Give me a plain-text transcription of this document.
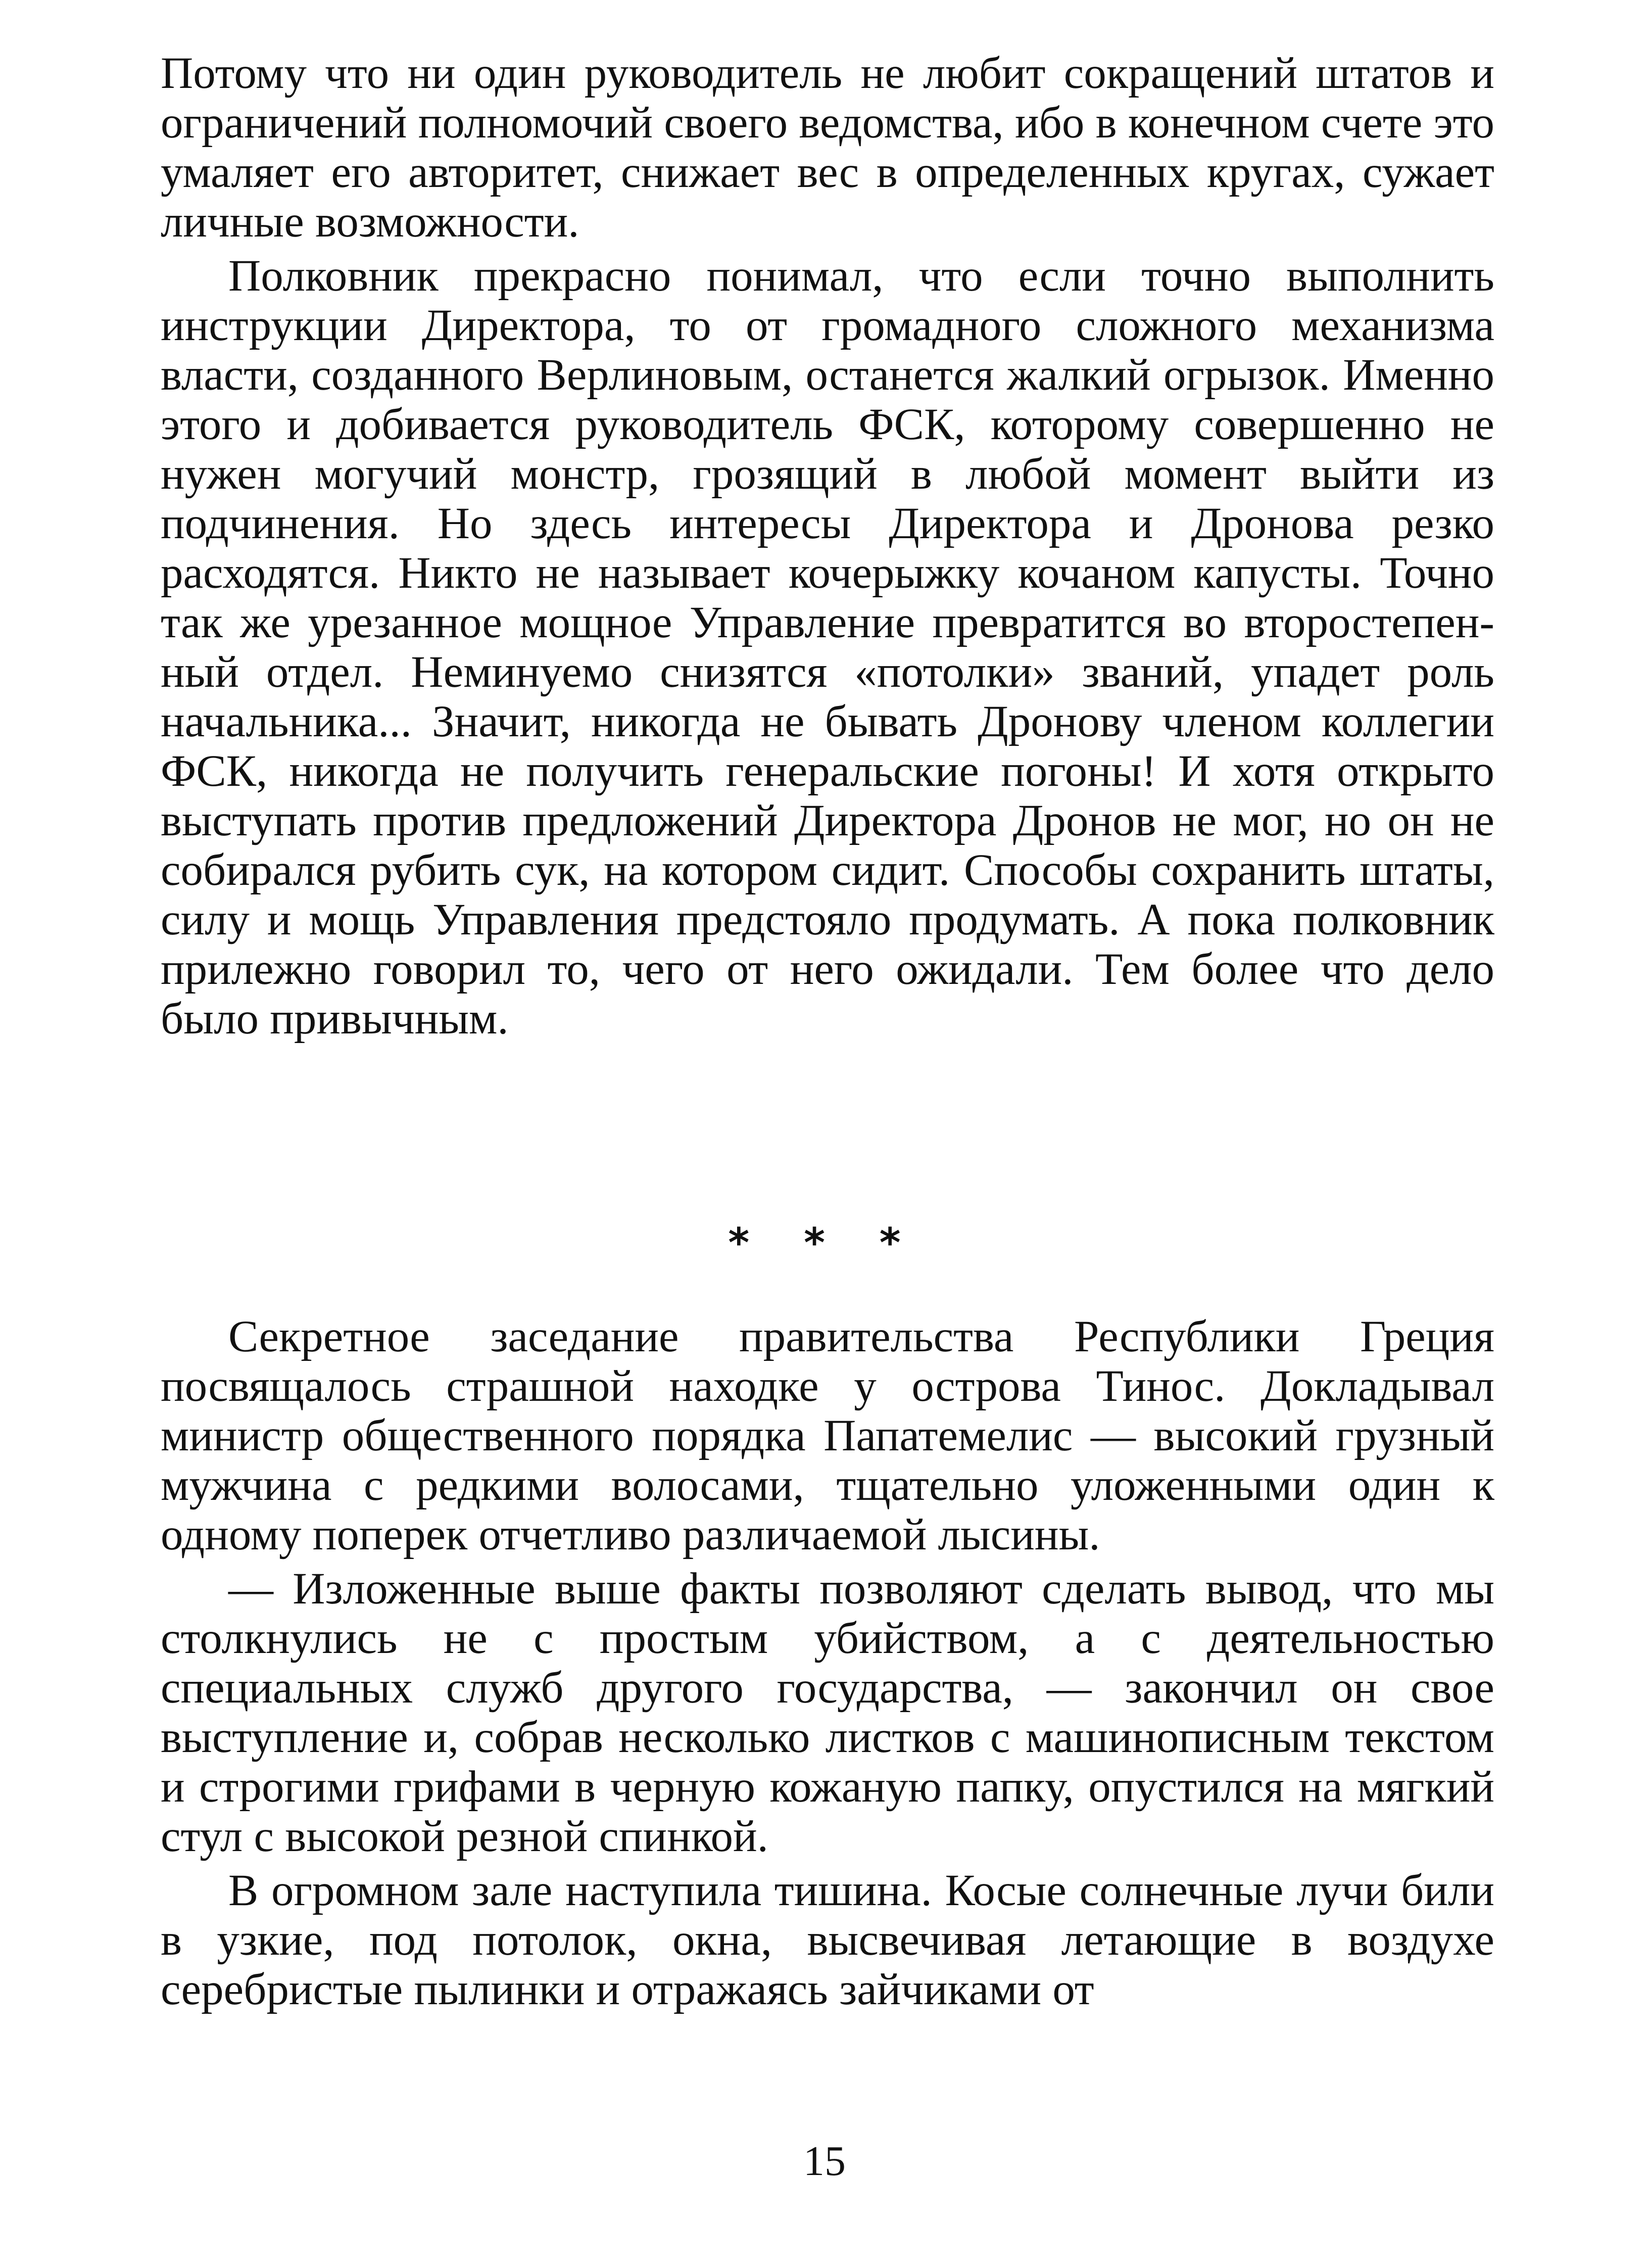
Потому что ни один руководитель не любит сокращений штатов и ограничений полномочий своего ведомства, ибо в конечном счете это умаляет его авторитет, снижает вес в определенных кругах, сужает личные возможности.

Полковник прекрасно понимал, что если точно выполнить инструкции Директора, то от громадного сложного механизма власти, созданного Верлиновым, останется жалкий огрызок. Именно этого и добивается руководитель ФСК, которому совершенно не нужен могучий монстр, грозящий в любой момент выйти из подчинения. Но здесь интересы Директора и Дронова резко расходятся. Никто не называет кочерыжку кочаном капусты. Точно так же урезанное мощное Управление превратится во второстепенный отдел. Неминуемо снизятся «потолки» званий, упадет роль начальника... Значит, никогда не бывать Дронову членом коллегии ФСК, никогда не получить генеральские погоны! И хотя открыто выступать против предложений Директора Дронов не мог, но он не собирался рубить сук, на котором сидит. Способы сохранить штаты, силу и мощь Управления предстояло продумать. А пока полковник прилежно говорил то, чего от него ожидали. Тем более что дело было привычным.

* * *

Секретное заседание правительства Республики Греция посвящалось страшной находке у острова Тинос. Докладывал министр общественного порядка Папатемелис — высокий грузный мужчина с редкими волосами, тщательно уложенными один к одному поперек отчетливо различаемой лысины.

— Изложенные выше факты позволяют сделать вывод, что мы столкнулись не с простым убийством, а с деятельностью специальных служб другого государства, — закончил он свое выступление и, собрав несколько листков с машинописным текстом и строгими грифами в черную кожаную папку, опустился на мягкий стул с высокой резной спинкой.

В огромном зале наступила тишина. Косые солнечные лучи били в узкие, под потолок, окна, высвечивая летающие в воздухе серебристые пылинки и отражаясь зайчиками от

15
